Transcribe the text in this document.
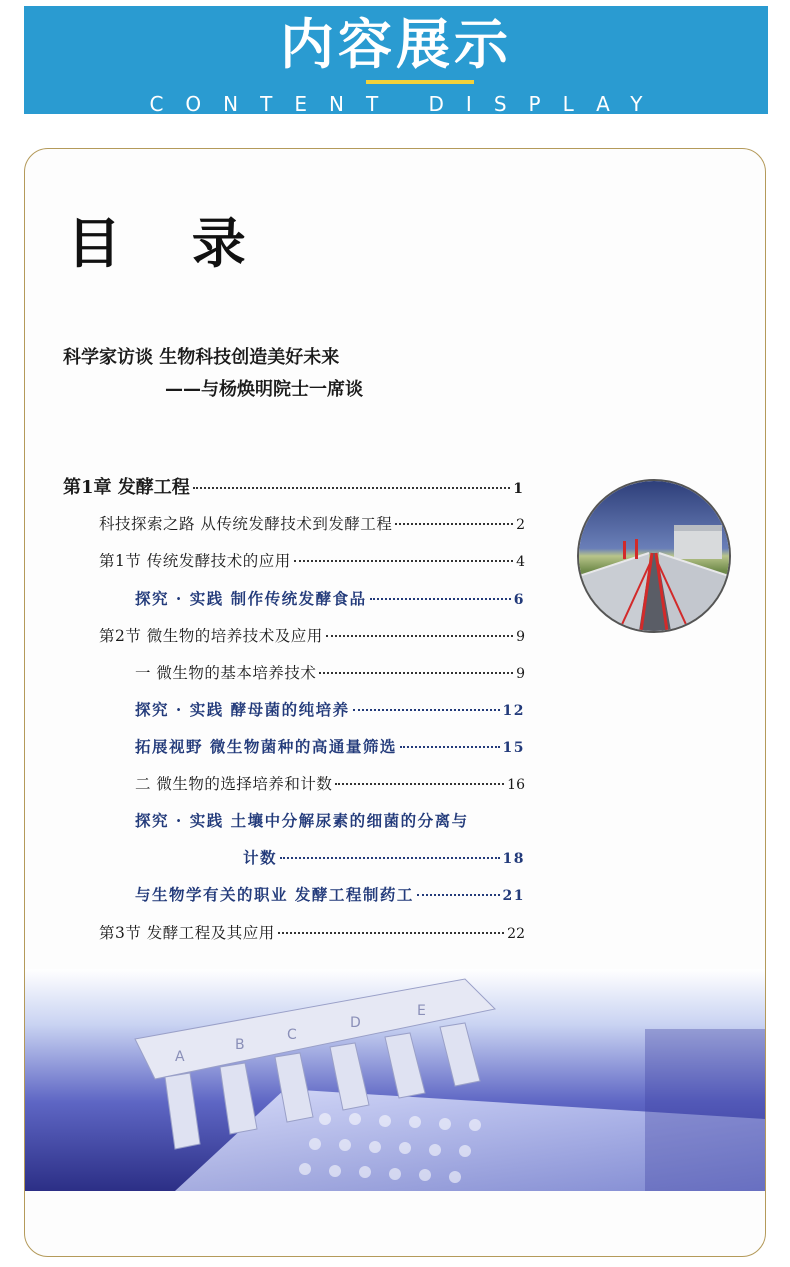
内容展示
CONTENT DISPLAY
目 录
科学家访谈 生物科技创造美好未来
——与杨焕明院士一席谈
第1章 发酵工程	1
科技探索之路 从传统发酵技术到发酵工程	2
第1节 传统发酵技术的应用	4
探究 · 实践 制作传统发酵食品	6
第2节 微生物的培养技术及应用	9
一 微生物的基本培养技术	9
探究 · 实践 酵母菌的纯培养	12
拓展视野 微生物菌种的高通量筛选	15
二 微生物的选择培养和计数	16
探究 · 实践 土壤中分解尿素的细菌的分离与
计数	18
与生物学有关的职业 发酵工程制药工	21
第3节 发酵工程及其应用	22
A
B
C
D
E
